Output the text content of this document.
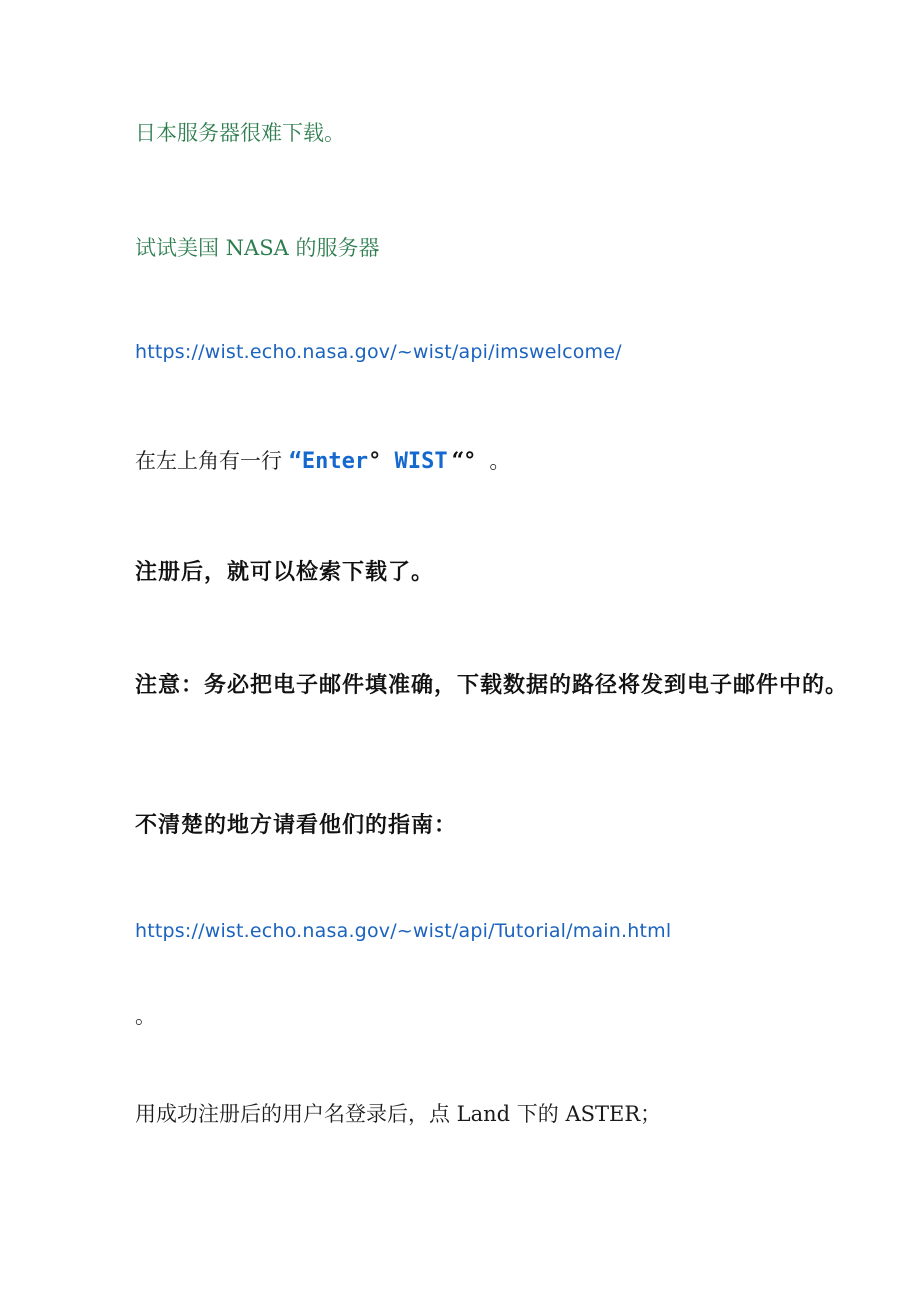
日本服务器很难下载。

试试美国 NASA 的服务器

https://wist.echo.nasa.gov/~wist/api/imswelcome/

在左上角有一行 “Enter° WIST “° 。

注册后，就可以检索下载了。

注意：务必把电子邮件填准确，下载数据的路径将发到电子邮件中的。

不清楚的地方请看他们的指南：

https://wist.echo.nasa.gov/~wist/api/Tutorial/main.html

。

用成功注册后的用户名登录后，点 Land 下的 ASTER；
